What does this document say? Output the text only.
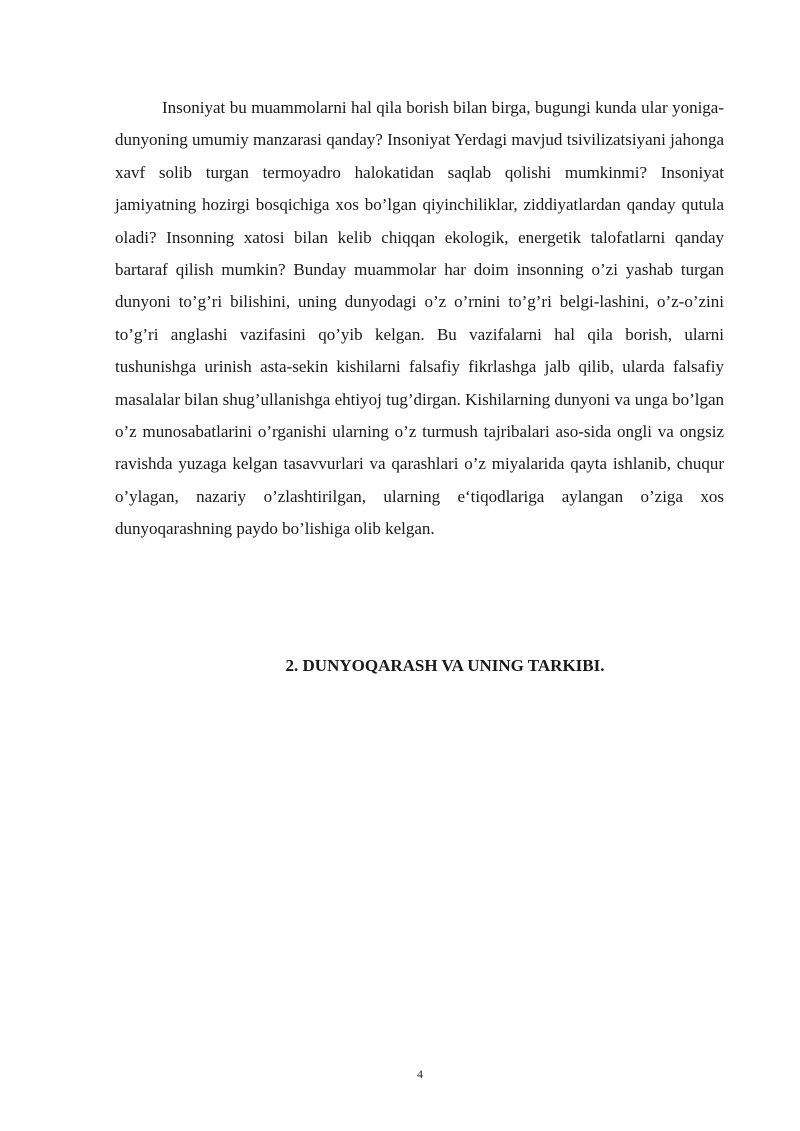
Insoniyat bu muammolarni hal qila borish bilan birga, bugungi kunda ular yoniga-dunyoning umumiy manzarasi qanday? Insoniyat Yerdagi mavjud tsivilizatsiyani jahonga xavf solib turgan termoyadro halokatidan saqlab qolishi mumkinmi? Insoniyat jamiyatning hozirgi bosqichiga xos bo’lgan qiyinchiliklar, ziddiyatlardan qanday qutula oladi? Insonning xatosi bilan kelib chiqqan ekologik, energetik talofatlarni qanday bartaraf qilish mumkin? Bunday muammolar har doim insonning o’zi yashab turgan dunyoni to’g’ri bilishini, uning dunyodagi o’z o’rnini to’g’ri belgi-lashini, o’z-o’zini to’g’ri anglashi vazifasini qo’yib kelgan. Bu vazifalarni hal qila borish, ularni tushunishga urinish asta-sekin kishilarni falsafiy fikrlashga jalb qilib, ularda falsafiy masalalar bilan shug’ullanishga ehtiyoj tug’dirgan. Kishilarning dunyoni va unga bo’lgan o’z munosabatlarini o’rganishi ularning o’z turmush tajribalari aso-sida ongli va ongsiz ravishda yuzaga kelgan tasavvurlari va qarashlari o’z miyalarida qayta ishlanib, chuqur o’ylagan, nazariy o’zlashtirilgan, ularning e‘tiqodlariga aylangan o’ziga xos dunyoqarashning paydo bo’lishiga olib kelgan.

2. DUNYOQARASH VA UNING TARKIBI.
4
